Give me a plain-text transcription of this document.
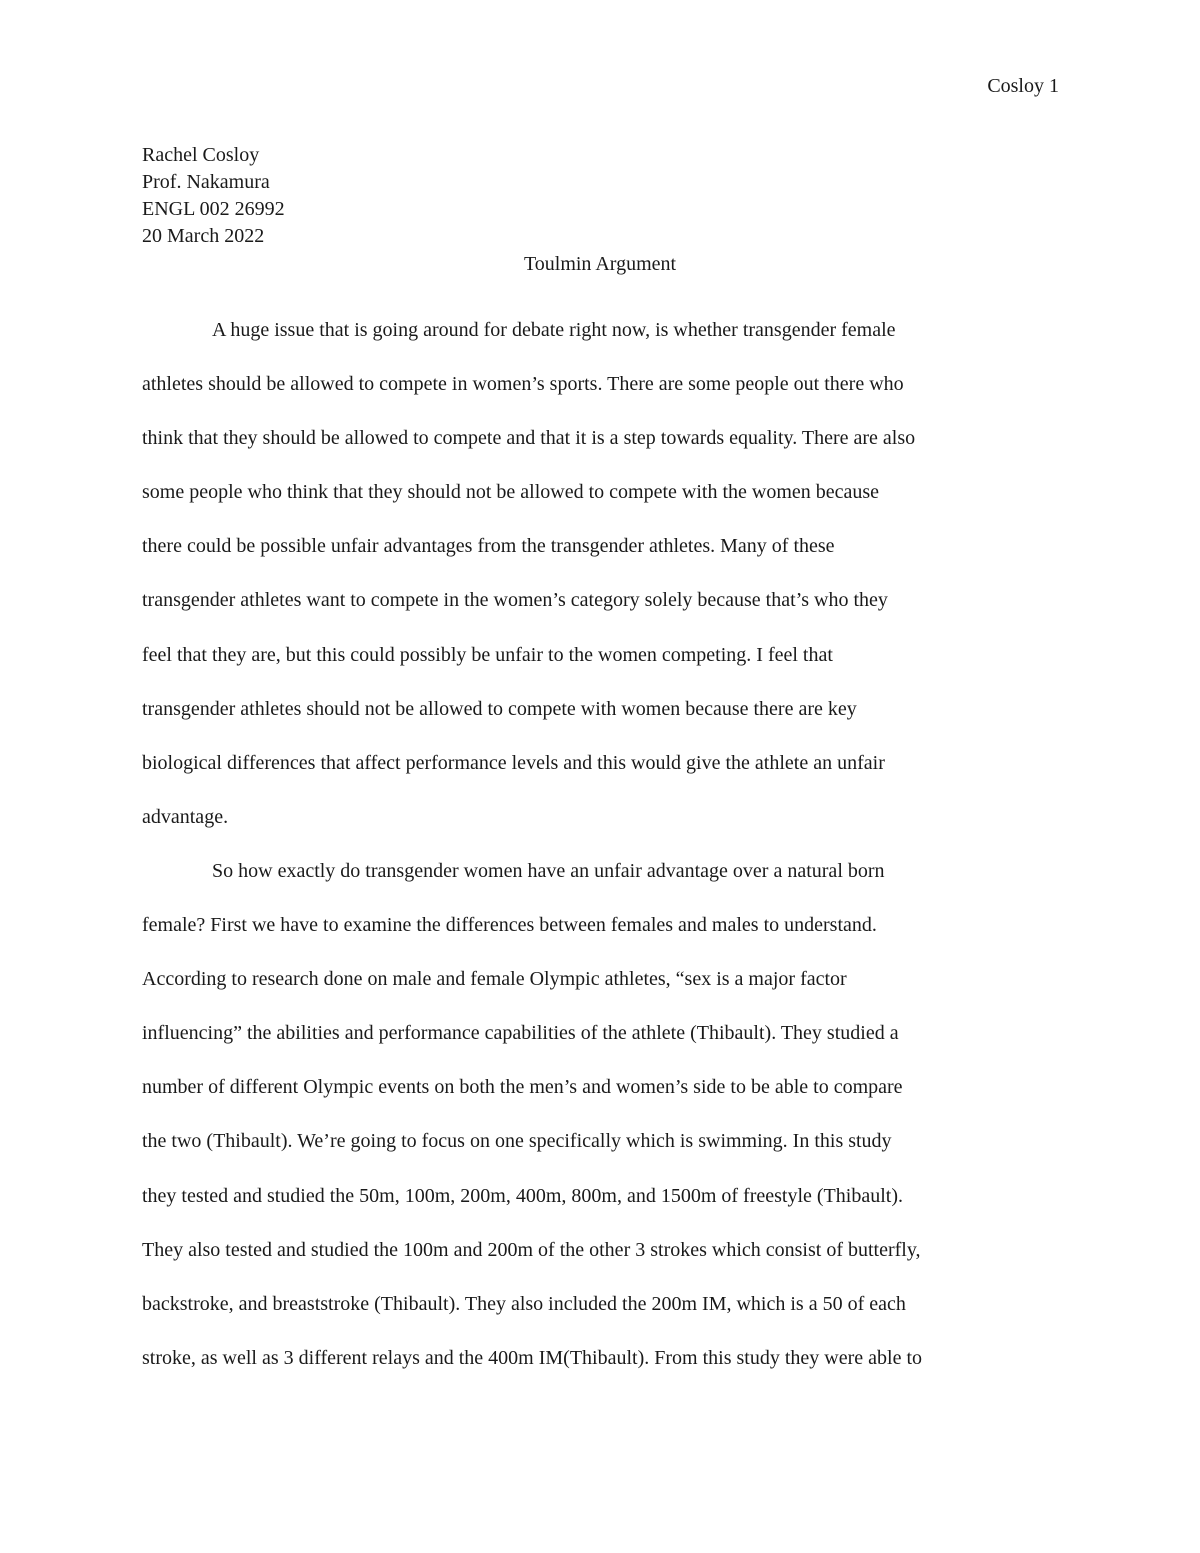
Cosloy 1

Rachel Cosloy
Prof. Nakamura
ENGL 002 26992
20 March 2022
Toulmin Argument
A huge issue that is going around for debate right now, is whether transgender female
athletes should be allowed to compete in women’s sports. There are some people out there who
think that they should be allowed to compete and that it is a step towards equality. There are also
some people who think that they should not be allowed to compete with the women because
there could be possible unfair advantages from the transgender athletes. Many of these
transgender athletes want to compete in the women’s category solely because that’s who they
feel that they are, but this could possibly be unfair to the women competing. I feel that
transgender athletes should not be allowed to compete with women because there are key
biological differences that affect performance levels and this would give the athlete an unfair
advantage.
So how exactly do transgender women have an unfair advantage over a natural born
female? First we have to examine the differences between females and males to understand.
According to research done on male and female Olympic athletes, “sex is a major factor
influencing” the abilities and performance capabilities of the athlete (Thibault). They studied a
number of different Olympic events on both the men’s and women’s side to be able to compare
the two (Thibault). We’re going to focus on one specifically which is swimming. In this study
they tested and studied the 50m, 100m, 200m, 400m, 800m, and 1500m of freestyle (Thibault).
They also tested and studied the 100m and 200m of the other 3 strokes which consist of butterfly,
backstroke, and breaststroke (Thibault). They also included the 200m IM, which is a 50 of each
stroke, as well as 3 different relays and the 400m IM(Thibault). From this study they were able to
